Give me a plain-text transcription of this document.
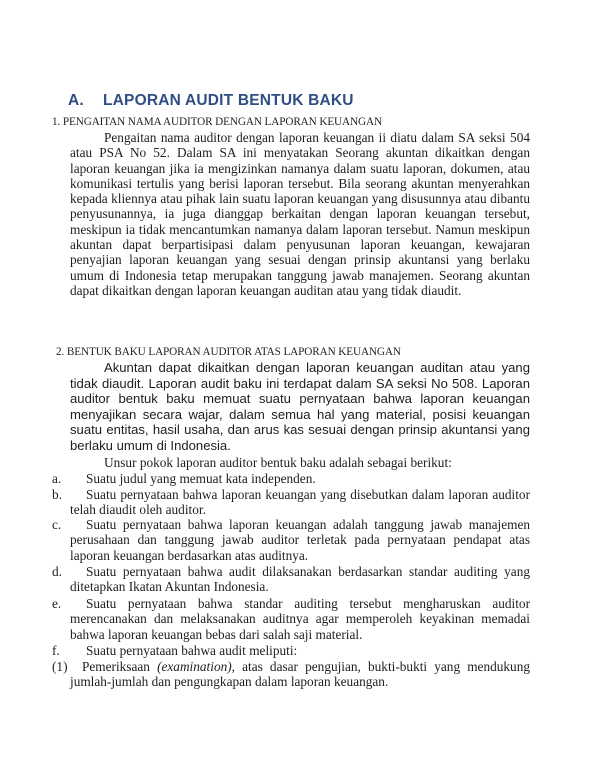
A. LAPORAN AUDIT BENTUK BAKU
1. PENGAITAN NAMA AUDITOR DENGAN LAPORAN KEUANGAN
Pengaitan nama auditor dengan laporan keuangan ii diatu dalam SA seksi 504 atau PSA No 52. Dalam SA ini menyatakan Seorang akuntan dikaitkan dengan laporan keuangan jika ia mengizinkan namanya dalam suatu laporan, dokumen, atau komunikasi tertulis yang berisi laporan tersebut. Bila seorang akuntan menyerahkan kepada kliennya atau pihak lain suatu laporan keuangan yang disusunnya atau dibantu penyusunannya, ia juga dianggap berkaitan dengan laporan keuangan tersebut, meskipun ia tidak mencantumkan namanya dalam laporan tersebut. Namun meskipun akuntan dapat berpartisipasi dalam penyusunan laporan keuangan, kewajaran penyajian laporan keuangan yang sesuai dengan prinsip akuntansi yang berlaku umum di Indonesia tetap merupakan tanggung jawab manajemen. Seorang akuntan dapat dikaitkan dengan laporan keuangan auditan atau yang tidak diaudit.
2. BENTUK BAKU LAPORAN AUDITOR ATAS LAPORAN KEUANGAN
Akuntan dapat dikaitkan dengan laporan keuangan auditan atau yang tidak diaudit. Laporan audit baku ini terdapat dalam SA seksi No 508. Laporan auditor bentuk baku memuat suatu pernyataan bahwa laporan keuangan menyajikan secara wajar, dalam semua hal yang material, posisi keuangan suatu entitas, hasil usaha, dan arus kas sesuai dengan prinsip akuntansi yang berlaku umum di Indonesia.
Unsur pokok laporan auditor bentuk baku adalah sebagai berikut:
a.	Suatu judul yang memuat kata independen.
b.	Suatu pernyataan bahwa laporan keuangan yang disebutkan dalam laporan auditor telah diaudit oleh auditor.
c.	Suatu pernyataan bahwa laporan keuangan adalah tanggung jawab manajemen perusahaan dan tanggung jawab auditor terletak pada pernyataan pendapat atas laporan keuangan berdasarkan atas auditnya.
d.	Suatu pernyataan bahwa audit dilaksanakan berdasarkan standar auditing yang ditetapkan Ikatan Akuntan Indonesia.
e.	Suatu pernyataan bahwa standar auditing tersebut mengharuskan auditor merencanakan dan melaksanakan auditnya agar memperoleh keyakinan memadai bahwa laporan keuangan bebas dari salah saji material.
f.	Suatu pernyataan bahwa audit meliputi:
(1)	Pemeriksaan (examination), atas dasar pengujian, bukti-bukti yang mendukung jumlah-jumlah dan pengungkapan dalam laporan keuangan.
